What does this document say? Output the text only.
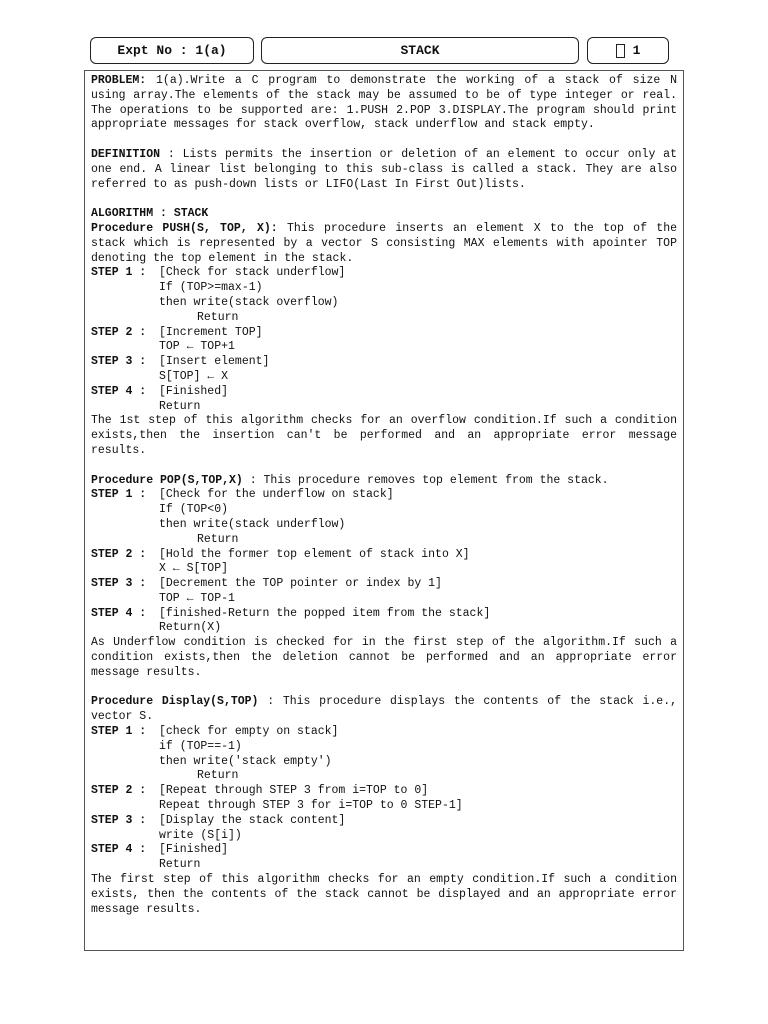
Expt No : 1(a)	STACK	1

PROBLEM: 1(a).Write a C program to demonstrate the working of a stack of size N using array.The elements of the stack may be assumed to be of type integer or real. The operations to be supported are: 1.PUSH 2.POP 3.DISPLAY.The program should print appropriate messages for stack overflow, stack underflow and stack empty.

DEFINITION : Lists permits the insertion or deletion of an element to occur only at one end. A linear list belonging to this sub-class is called a stack. They are also referred to as push-down lists or LIFO(Last In First Out)lists.

ALGORITHM : STACK

Procedure PUSH(S, TOP, X): This procedure inserts an element X to the top of the stack which is represented by a vector S consisting MAX elements with apointer TOP denoting the top element in the stack.

STEP 1 :	[Check for stack underflow]
If (TOP>=max-1)
then write(stack overflow)
Return
STEP 2 :	[Increment TOP]
TOP ← TOP+1
STEP 3 :	[Insert element]
S[TOP] ← X
STEP 4 :	[Finished]
Return

The 1st step of this algorithm checks for an overflow condition.If such a condition exists,then the insertion can't be performed and an appropriate error message results.

Procedure POP(S,TOP,X) : This procedure removes top element from the stack.

STEP 1 :	[Check for the underflow on stack]
If (TOP<0)
then write(stack underflow)
Return
STEP 2 :	[Hold the former top element of stack into X]
X ← S[TOP]
STEP 3 :	[Decrement the TOP pointer or index by 1]
TOP ← TOP-1
STEP 4 :	[finished-Return the popped item from the stack]
Return(X)

As Underflow condition is checked for in the first step of the algorithm.If such a condition exists,then the deletion cannot be performed and an appropriate error message results.

Procedure Display(S,TOP) : This procedure displays the contents of the stack i.e., vector S.

STEP 1 :	[check for empty on stack]
if (TOP==-1)
then write('stack empty')
Return
STEP 2 :	[Repeat through STEP 3 from i=TOP to 0]
Repeat through STEP 3 for i=TOP to 0 STEP-1]
STEP 3 :	[Display the stack content]
write (S[i])
STEP 4 :	[Finished]
Return

The first step of this algorithm checks for an empty condition.If such a condition exists, then the contents of the stack cannot be displayed and an appropriate error message results.
